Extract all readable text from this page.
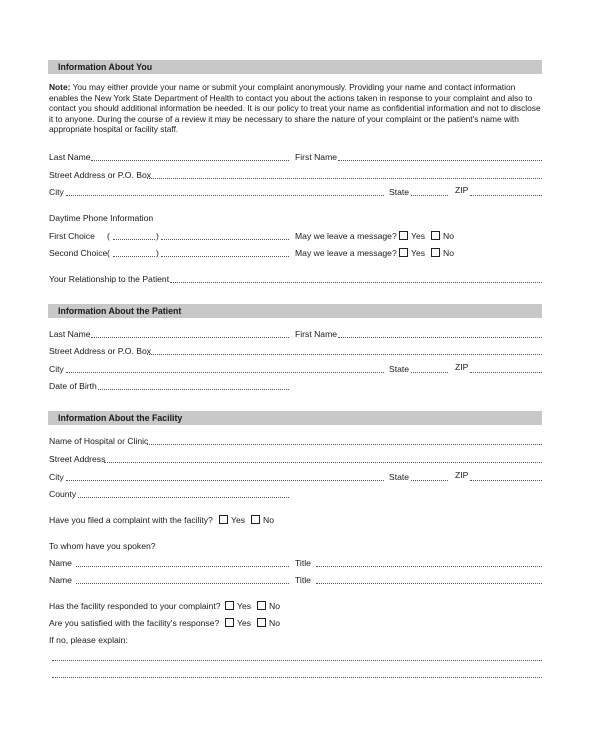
Information About You
Note: You may either provide your name or submit your complaint anonymously. Providing your name and contact information enables the New York State Department of Health to contact you about the actions taken in response to your complaint and also to contact you should additional information be needed. It is our policy to treat your name as confidential information and not to disclose it to anyone. During the course of a review it may be necessary to share the nature of your complaint or the patient's name with appropriate hospital or facility staff.
Last Name	First Name
Street Address or P.O. Box
City	State	ZIP
Daytime Phone Information
First Choice (	)	May we leave a message?	Yes	No
Second Choice (	)	May we leave a message?	Yes	No
Your Relationship to the Patient
Information About the Patient
Last Name	First Name
Street Address or P.O. Box
City	State	ZIP
Date of Birth
Information About the Facility
Name of Hospital or Clinic
Street Address
City	State	ZIP
County
Have you filed a complaint with the facility?	Yes	No
To whom have you spoken?
Name	Title
Name	Title
Has the facility responded to your complaint?	Yes	No
Are you satisfied with the facility's response?	Yes	No
If no, please explain:
